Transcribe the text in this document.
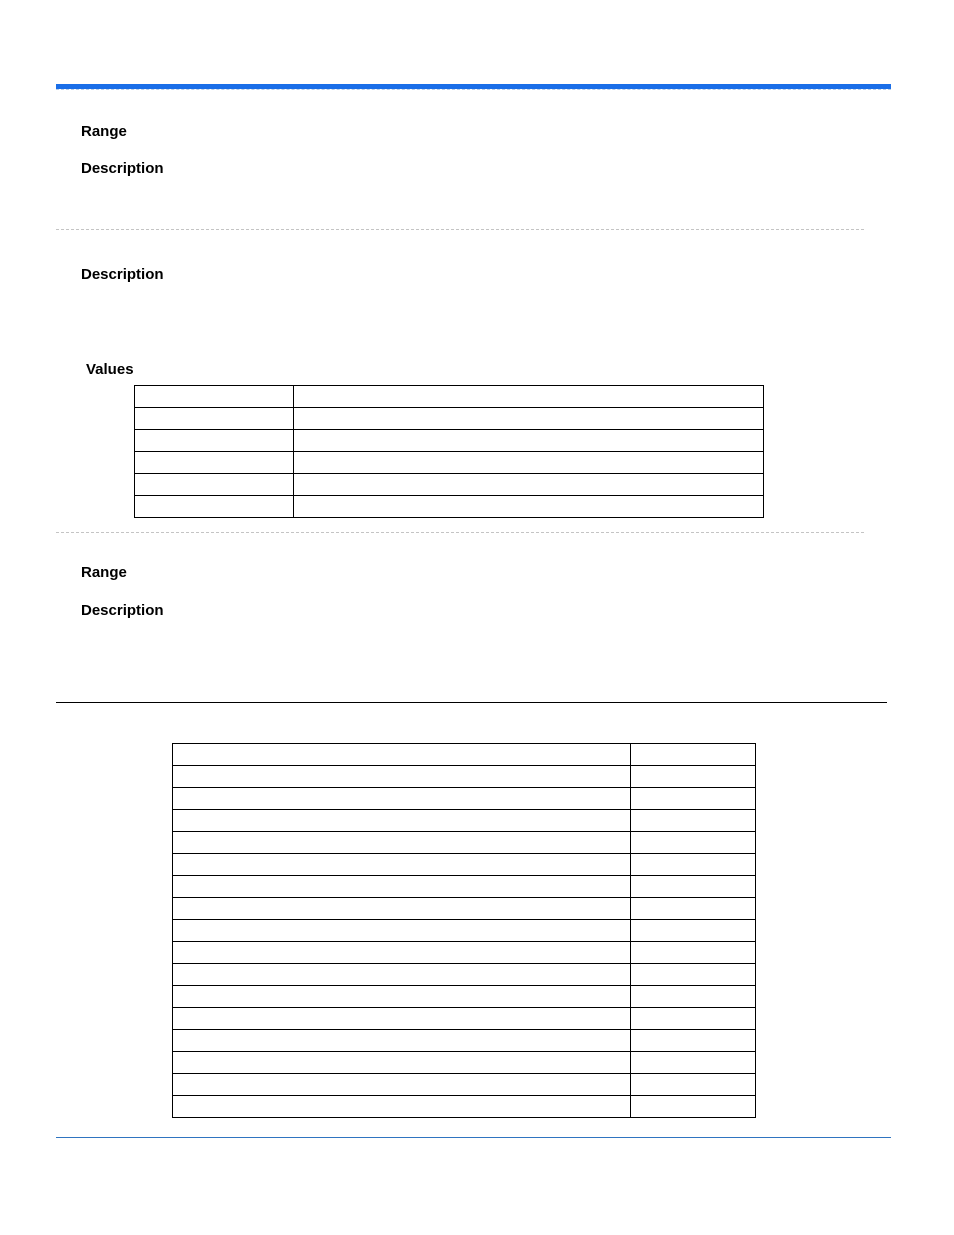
Range
Description
Description
Values

Range
Description
